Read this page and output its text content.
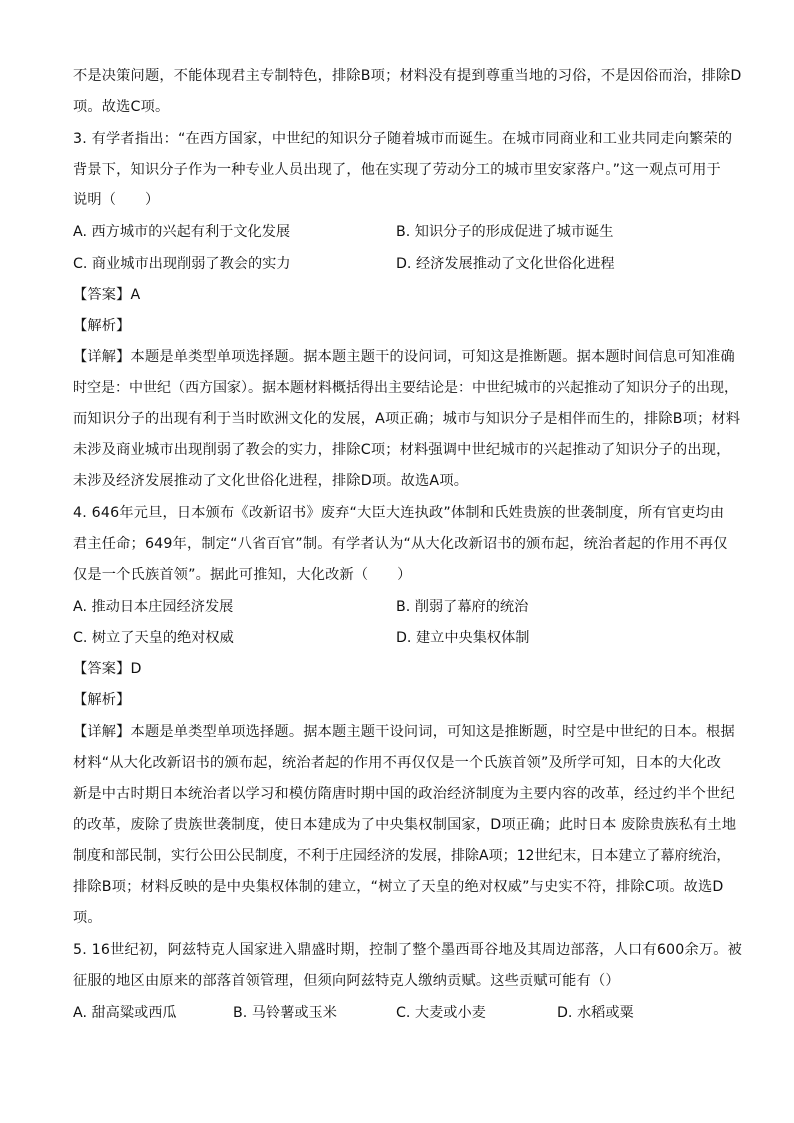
不是决策问题，不能体现君主专制特色，排除B项；材料没有提到尊重当地的习俗，不是因俗而治，排除D
项。故选C项。
3. 有学者指出：“在西方国家，中世纪的知识分子随着城市而诞生。在城市同商业和工业共同走向繁荣的
背景下，知识分子作为一种专业人员出现了，他在实现了劳动分工的城市里安家落户。”这一观点可用于
说明（　　）
A. 西方城市的兴起有利于文化发展	B. 知识分子的形成促进了城市诞生
C. 商业城市出现削弱了教会的实力	D. 经济发展推动了文化世俗化进程
【答案】A
【解析】
【详解】本题是单类型单项选择题。据本题主题干的设问词，可知这是推断题。据本题时间信息可知准确
时空是：中世纪（西方国家）。据本题材料概括得出主要结论是：中世纪城市的兴起推动了知识分子的出现，
而知识分子的出现有利于当时欧洲文化的发展，A项正确；城市与知识分子是相伴而生的，排除B项；材料
未涉及商业城市出现削弱了教会的实力，排除C项；材料强调中世纪城市的兴起推动了知识分子的出现，
未涉及经济发展推动了文化世俗化进程，排除D项。故选A项。
4. 646年元旦，日本颁布《改新诏书》废弃“大臣大连执政”体制和氏姓贵族的世袭制度，所有官吏均由
君主任命；649年，制定“八省百官”制。有学者认为“从大化改新诏书的颁布起，统治者起的作用不再仅
仅是一个氏族首领”。据此可推知，大化改新（　　）
A. 推动日本庄园经济发展	B. 削弱了幕府的统治
C. 树立了天皇的绝对权威	D. 建立中央集权体制
【答案】D
【解析】
【详解】本题是单类型单项选择题。据本题主题干设问词，可知这是推断题，时空是中世纪的日本。根据
材料“从大化改新诏书的颁布起，统治者起的作用不再仅仅是一个氏族首领”及所学可知，日本的大化改
新是中古时期日本统治者以学习和模仿隋唐时期中国的政治经济制度为主要内容的改革，经过约半个世纪
的改革，废除了贵族世袭制度，使日本建成为了中央集权制国家，D项正确；此时日本 废除贵族私有土地
制度和部民制，实行公田公民制度，不利于庄园经济的发展，排除A项；12世纪末，日本建立了幕府统治，
排除B项；材料反映的是中央集权体制的建立，“树立了天皇的绝对权威”与史实不符，排除C项。故选D
项。
5. 16世纪初，阿兹特克人国家进入鼎盛时期，控制了整个墨西哥谷地及其周边部落，人口有600余万。被
征服的地区由原来的部落首领管理，但须向阿兹特克人缴纳贡赋。这些贡赋可能有（）
A. 甜高粱或西瓜	B. 马铃薯或玉米	C. 大麦或小麦	D. 水稻或粟
